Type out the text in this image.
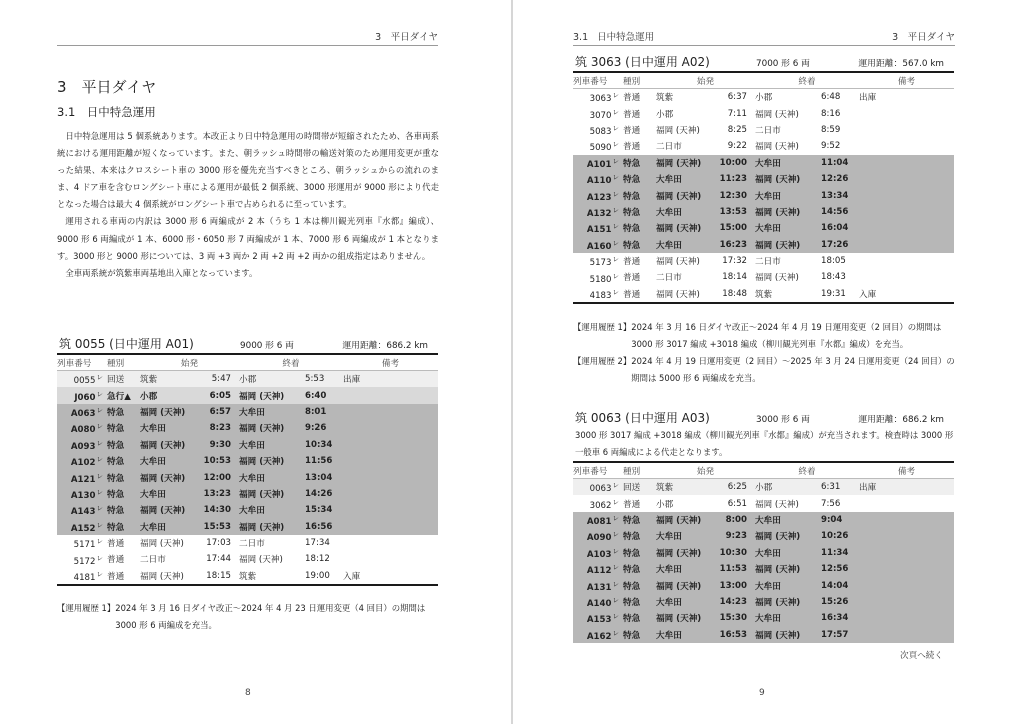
3　平日ダイヤ
3　平日ダイヤ
3.1　日中特急運用

日中特急運用は 5 個系統あります。本改正より日中特急運用の時間帯が短縮されたため、各車両系統における運用距離が短くなっています。また、朝ラッシュ時間帯の輸送対策のため運用変更が重なった結果、本来はクロスシート車の 3000 形を優先充当すべきところ、朝ラッシュからの流れのまま、4 ドア車を含むロングシート車による運用が最低 2 個系統、3000 形運用が 9000 形により代走となった場合は最大 4 個系統がロングシート車で占められるに至っています。

運用される車両の内訳は 3000 形 6 両編成が 2 本（うち 1 本は柳川観光列車『水都』編成）、9000 形 6 両編成が 1 本、6000 形・6050 形 7 両編成が 1 本、7000 形 6 両編成が 1 本となります。3000 形と 9000 形については、3 両 +3 両か 2 両 +2 両 +2 両かの組成指定はありません。

全車両系統が筑紫車両基地出入庫となっています。

筑 0055 (日中運用 A01)	9000 形 6 両	運用距離：686.2 km
列車番号	種別	始発		終着		備考
$0055^レ$	回送	筑紫	5:47	小郡	5:53	出庫
$J060^レ$	急行▲	小郡	6:05	福岡 (天神)	6:40	
$A063^レ$	特急	福岡 (天神)	6:57	大牟田	8:01	
$A080^レ$	特急	大牟田	8:23	福岡 (天神)	9:26	
$A093^レ$	特急	福岡 (天神)	9:30	大牟田	10:34	
$A102^レ$	特急	大牟田	10:53	福岡 (天神)	11:56	
$A121^レ$	特急	福岡 (天神)	12:00	大牟田	13:04	
$A130^レ$	特急	大牟田	13:23	福岡 (天神)	14:26	
$A143^レ$	特急	福岡 (天神)	14:30	大牟田	15:34	
$A152^レ$	特急	大牟田	15:53	福岡 (天神)	16:56	
$5171^レ$	普通	福岡 (天神)	17:03	二日市	17:34	
$5172^レ$	普通	二日市	17:44	福岡 (天神)	18:12	
$4181^レ$	普通	福岡 (天神)	18:15	筑紫	19:00	入庫
【運用履歴 1】 2024 年 3 月 16 日ダイヤ改正〜2024 年 4 月 23 日運用変更（4 回目）の期間は 3000 形 6 両編成を充当。
8
3.1 日中特急運用	3　平日ダイヤ
筑 3063 (日中運用 A02)	7000 形 6 両	運用距離：567.0 km
列車番号	種別	始発		終着		備考
$3063^レ$	普通	筑紫	6:37	小郡	6:48	出庫
$3070^レ$	普通	小郡	7:11	福岡 (天神)	8:16	
$5083^レ$	普通	福岡 (天神)	8:25	二日市	8:59	
$5090^レ$	普通	二日市	9:22	福岡 (天神)	9:52	
$A101^レ$	特急	福岡 (天神)	10:00	大牟田	11:04	
$A110^レ$	特急	大牟田	11:23	福岡 (天神)	12:26	
$A123^レ$	特急	福岡 (天神)	12:30	大牟田	13:34	
$A132^レ$	特急	大牟田	13:53	福岡 (天神)	14:56	
$A151^レ$	特急	福岡 (天神)	15:00	大牟田	16:04	
$A160^レ$	特急	大牟田	16:23	福岡 (天神)	17:26	
$5173^レ$	普通	福岡 (天神)	17:32	二日市	18:05	
$5180^レ$	普通	二日市	18:14	福岡 (天神)	18:43	
$4183^レ$	普通	福岡 (天神)	18:48	筑紫	19:31	入庫
【運用履歴 1】 2024 年 3 月 16 日ダイヤ改正〜2024 年 4 月 19 日運用変更（2 回目）の期間は 3000 形 3017 編成 +3018 編成（柳川観光列車『水都』編成）を充当。
【運用履歴 2】 2024 年 4 月 19 日運用変更（2 回目）〜2025 年 3 月 24 日運用変更（24 回目）の期間は 5000 形 6 両編成を充当。
筑 0063 (日中運用 A03)	3000 形 6 両	運用距離：686.2 km
3000 形 3017 編成 +3018 編成（柳川観光列車『水都』編成）が充当されます。検査時は 3000 形一般車 6 両編成による代走となります。
列車番号	種別	始発		終着		備考
$0063^レ$	回送	筑紫	6:25	小郡	6:31	出庫
$3062^レ$	普通	小郡	6:51	福岡 (天神)	7:56	
$A081^レ$	特急	福岡 (天神)	8:00	大牟田	9:04	
$A090^レ$	特急	大牟田	9:23	福岡 (天神)	10:26	
$A103^レ$	特急	福岡 (天神)	10:30	大牟田	11:34	
$A112^レ$	特急	大牟田	11:53	福岡 (天神)	12:56	
$A131^レ$	特急	福岡 (天神)	13:00	大牟田	14:04	
$A140^レ$	特急	大牟田	14:23	福岡 (天神)	15:26	
$A153^レ$	特急	福岡 (天神)	15:30	大牟田	16:34	
$A162^レ$	特急	大牟田	16:53	福岡 (天神)	17:57	
次頁へ続く
9
